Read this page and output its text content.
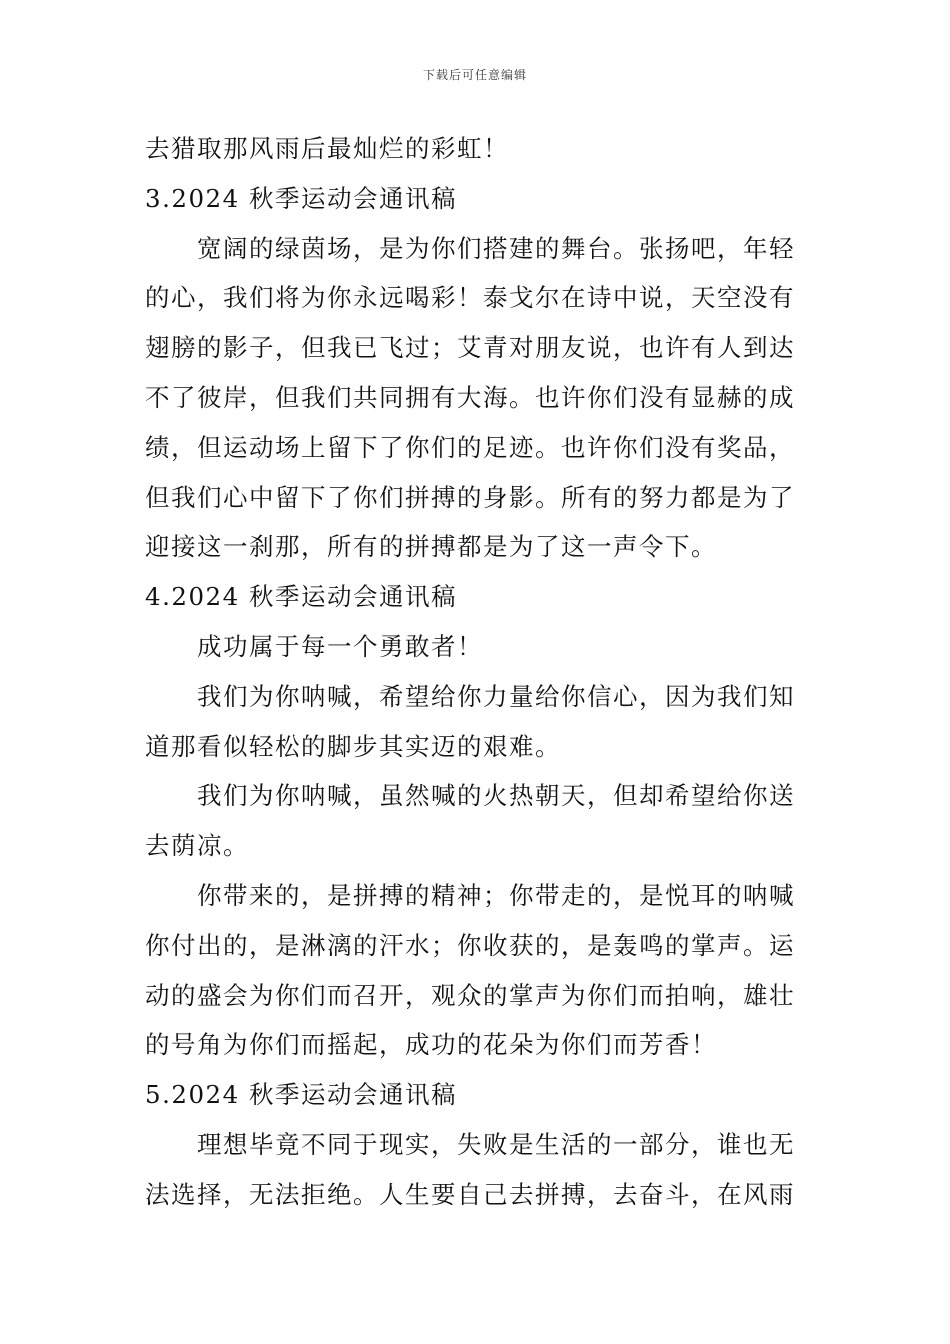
下载后可任意编辑
去猎取那风雨后最灿烂的彩虹！
3.2024 秋季运动会通讯稿
宽阔的绿茵场，是为你们搭建的舞台。张扬吧，年轻
的心，我们将为你永远喝彩！泰戈尔在诗中说，天空没有
翅膀的影子，但我已飞过；艾青对朋友说，也许有人到达
不了彼岸，但我们共同拥有大海。也许你们没有显赫的成
绩，但运动场上留下了你们的足迹。也许你们没有奖品，
但我们心中留下了你们拼搏的身影。所有的努力都是为了
迎接这一刹那，所有的拼搏都是为了这一声令下。
4.2024 秋季运动会通讯稿
成功属于每一个勇敢者！
我们为你呐喊，希望给你力量给你信心，因为我们知
道那看似轻松的脚步其实迈的艰难。
我们为你呐喊，虽然喊的火热朝天，但却希望给你送
去荫凉。
你带来的，是拼搏的精神；你带走的，是悦耳的呐喊
你付出的，是淋漓的汗水；你收获的，是轰鸣的掌声。运
动的盛会为你们而召开，观众的掌声为你们而拍响，雄壮
的号角为你们而摇起，成功的花朵为你们而芳香！
5.2024 秋季运动会通讯稿
理想毕竟不同于现实，失败是生活的一部分，谁也无
法选择，无法拒绝。人生要自己去拼搏，去奋斗，在风雨
